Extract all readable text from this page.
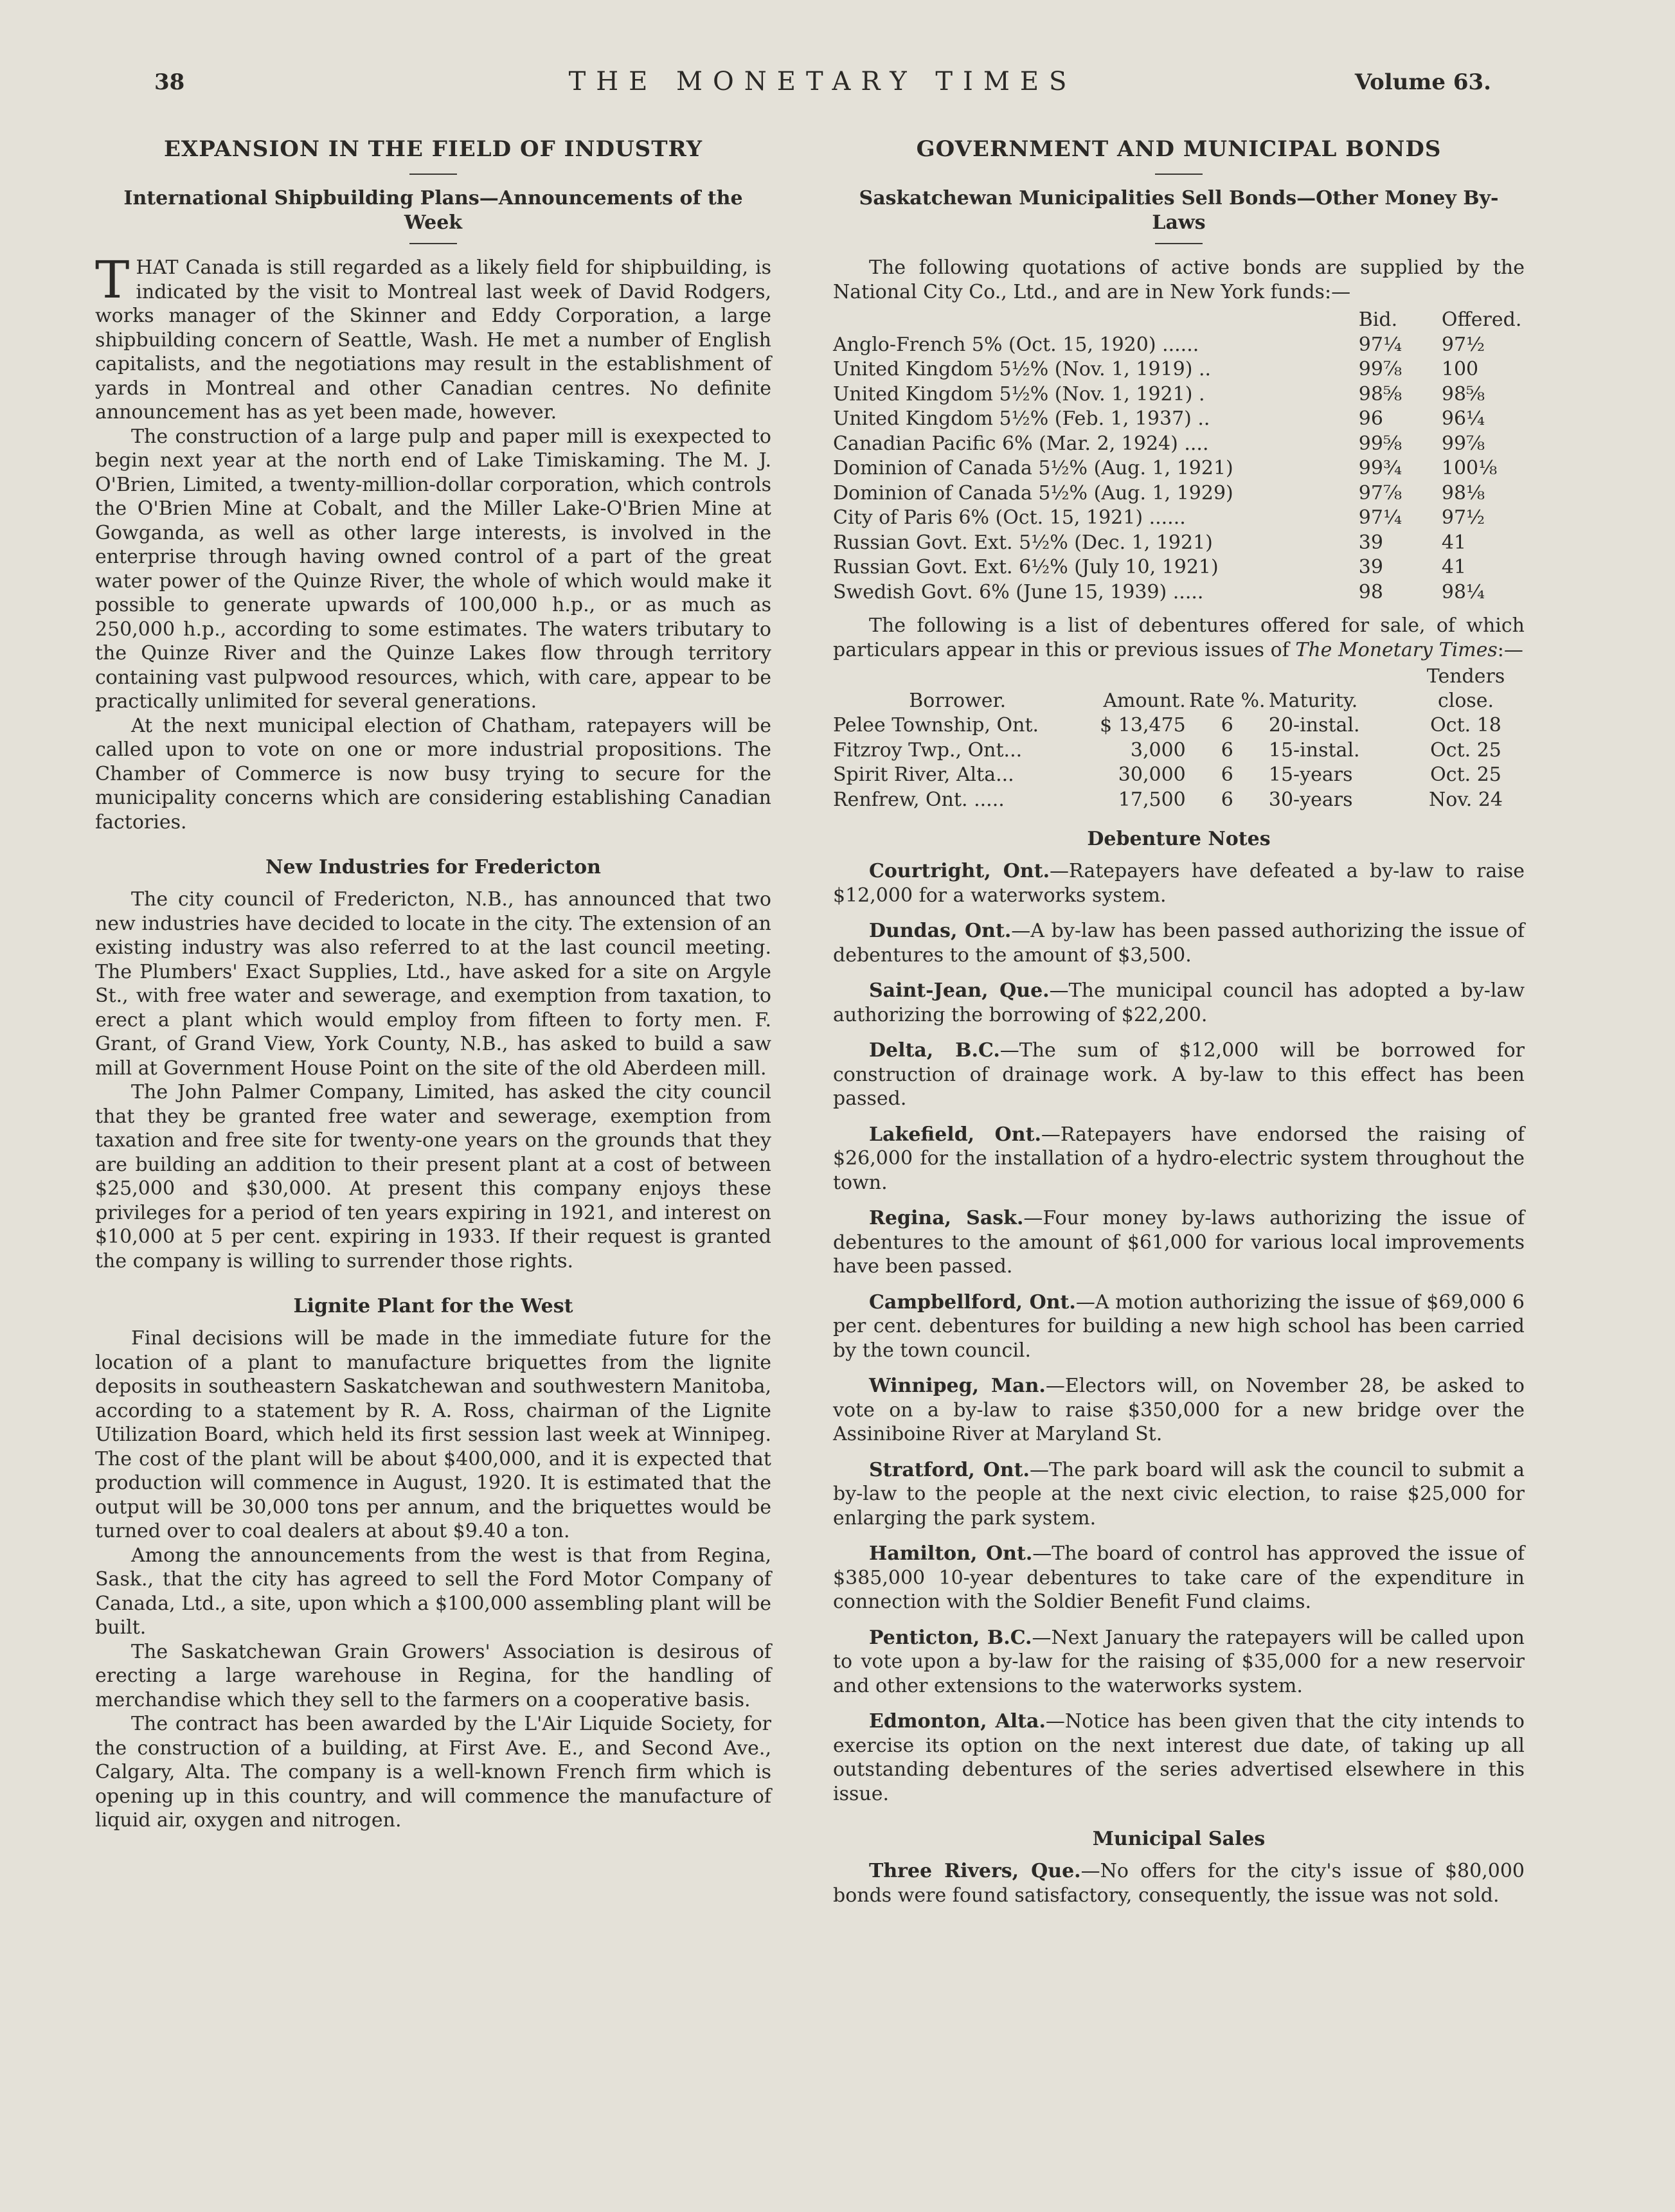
38	THE MONETARY TIMES	Volume 63.
EXPANSION IN THE FIELD OF INDUSTRY
International Shipbuilding Plans—Announcements of the Week

THAT Canada is still regarded as a likely field for shipbuilding, is indicated by the visit to Montreal last week of David Rodgers, works manager of the Skinner and Eddy Corporation, a large shipbuilding concern of Seattle, Wash. He met a number of English capitalists, and the negotiations may result in the establishment of yards in Montreal and other Canadian centres. No definite announcement has as yet been made, however.

The construction of a large pulp and paper mill is exexpected to begin next year at the north end of Lake Timiskaming. The M. J. O'Brien, Limited, a twenty-million-dollar corporation, which controls the O'Brien Mine at Cobalt, and the Miller Lake-O'Brien Mine at Gowganda, as well as other large interests, is involved in the enterprise through having owned control of a part of the great water power of the Quinze River, the whole of which would make it possible to generate upwards of 100,000 h.p., or as much as 250,000 h.p., according to some estimates. The waters tributary to the Quinze River and the Quinze Lakes flow through territory containing vast pulpwood resources, which, with care, appear to be practically unlimited for several generations.

At the next municipal election of Chatham, ratepayers will be called upon to vote on one or more industrial propositions. The Chamber of Commerce is now busy trying to secure for the municipality concerns which are considering establishing Canadian factories.

New Industries for Fredericton

The city council of Fredericton, N.B., has announced that two new industries have decided to locate in the city. The extension of an existing industry was also referred to at the last council meeting. The Plumbers' Exact Supplies, Ltd., have asked for a site on Argyle St., with free water and sewerage, and exemption from taxation, to erect a plant which would employ from fifteen to forty men. F. Grant, of Grand View, York County, N.B., has asked to build a saw mill at Government House Point on the site of the old Aberdeen mill.

The John Palmer Company, Limited, has asked the city council that they be granted free water and sewerage, exemption from taxation and free site for twenty-one years on the grounds that they are building an addition to their present plant at a cost of between $25,000 and $30,000. At present this company enjoys these privileges for a period of ten years expiring in 1921, and interest on $10,000 at 5 per cent. expiring in 1933. If their request is granted the company is willing to surrender those rights.

Lignite Plant for the West

Final decisions will be made in the immediate future for the location of a plant to manufacture briquettes from the lignite deposits in southeastern Saskatchewan and southwestern Manitoba, according to a statement by R. A. Ross, chairman of the Lignite Utilization Board, which held its first session last week at Winnipeg. The cost of the plant will be about $400,000, and it is expected that production will commence in August, 1920. It is estimated that the output will be 30,000 tons per annum, and the briquettes would be turned over to coal dealers at about $9.40 a ton.

Among the announcements from the west is that from Regina, Sask., that the city has agreed to sell the Ford Motor Company of Canada, Ltd., a site, upon which a $100,000 assembling plant will be built.

The Saskatchewan Grain Growers' Association is desirous of erecting a large warehouse in Regina, for the handling of merchandise which they sell to the farmers on a cooperative basis.

The contract has been awarded by the L'Air Liquide Society, for the construction of a building, at First Ave. E., and Second Ave., Calgary, Alta. The company is a well-known French firm which is opening up in this country, and will commence the manufacture of liquid air, oxygen and nitrogen.

GOVERNMENT AND MUNICIPAL BONDS
Saskatchewan Municipalities Sell Bonds—Other Money By-Laws

The following quotations of active bonds are supplied by the National City Co., Ltd., and are in New York funds:—

	Bid.	Offered.
Anglo-French 5% (Oct. 15, 1920) ......	97¼	97½
United Kingdom 5½% (Nov. 1, 1919) ..	99⅞	100
United Kingdom 5½% (Nov. 1, 1921) .	98⅝	98⅝
United Kingdom 5½% (Feb. 1, 1937) ..	96	96¼
Canadian Pacific 6% (Mar. 2, 1924) ....	99⅝	99⅞
Dominion of Canada 5½% (Aug. 1, 1921)	99¾	100⅛
Dominion of Canada 5½% (Aug. 1, 1929)	97⅞	98⅛
City of Paris 6% (Oct. 15, 1921) ......	97¼	97½
Russian Govt. Ext. 5½% (Dec. 1, 1921)	39	41
Russian Govt. Ext. 6½% (July 10, 1921)	39	41
Swedish Govt. 6% (June 15, 1939) .....	98	98¼

The following is a list of debentures offered for sale, of which particulars appear in this or previous issues of The Monetary Times:—

Borrower.	Amount.	Rate %.	Maturity.	Tenders
close.
Pelee Township, Ont.	$ 13,475	6	20-instal.	Oct. 18
Fitzroy Twp., Ont...	3,000	6	15-instal.	Oct. 25
Spirit River, Alta...	30,000	6	15-years	Oct. 25
Renfrew, Ont. .....	17,500	6	30-years	Nov. 24
Debenture Notes

Courtright, Ont.—Ratepayers have defeated a by-law to raise $12,000 for a waterworks system.

Dundas, Ont.—A by-law has been passed authorizing the issue of debentures to the amount of $3,500.

Saint-Jean, Que.—The municipal council has adopted a by-law authorizing the borrowing of $22,200.

Delta, B.C.—The sum of $12,000 will be borrowed for construction of drainage work. A by-law to this effect has been passed.

Lakefield, Ont.—Ratepayers have endorsed the raising of $26,000 for the installation of a hydro-electric system throughout the town.

Regina, Sask.—Four money by-laws authorizing the issue of debentures to the amount of $61,000 for various local improvements have been passed.

Campbellford, Ont.—A motion authorizing the issue of $69,000 6 per cent. debentures for building a new high school has been carried by the town council.

Winnipeg, Man.—Electors will, on November 28, be asked to vote on a by-law to raise $350,000 for a new bridge over the Assiniboine River at Maryland St.

Stratford, Ont.—The park board will ask the council to submit a by-law to the people at the next civic election, to raise $25,000 for enlarging the park system.

Hamilton, Ont.—The board of control has approved the issue of $385,000 10-year debentures to take care of the expenditure in connection with the Soldier Benefit Fund claims.

Penticton, B.C.—Next January the ratepayers will be called upon to vote upon a by-law for the raising of $35,000 for a new reservoir and other extensions to the waterworks system.

Edmonton, Alta.—Notice has been given that the city intends to exercise its option on the next interest due date, of taking up all outstanding debentures of the series advertised elsewhere in this issue.

Municipal Sales

Three Rivers, Que.—No offers for the city's issue of $80,000 bonds were found satisfactory, consequently, the issue was not sold.
